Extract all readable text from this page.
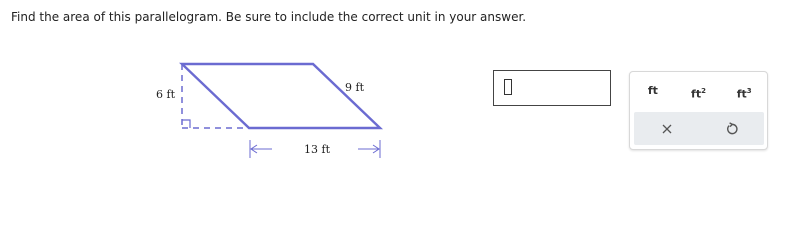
Find the area of this parallelogram. Be sure to include the correct unit in your answer.
6 ft
9 ft
13 ft
ft	$ft^2$	$ft^3$
